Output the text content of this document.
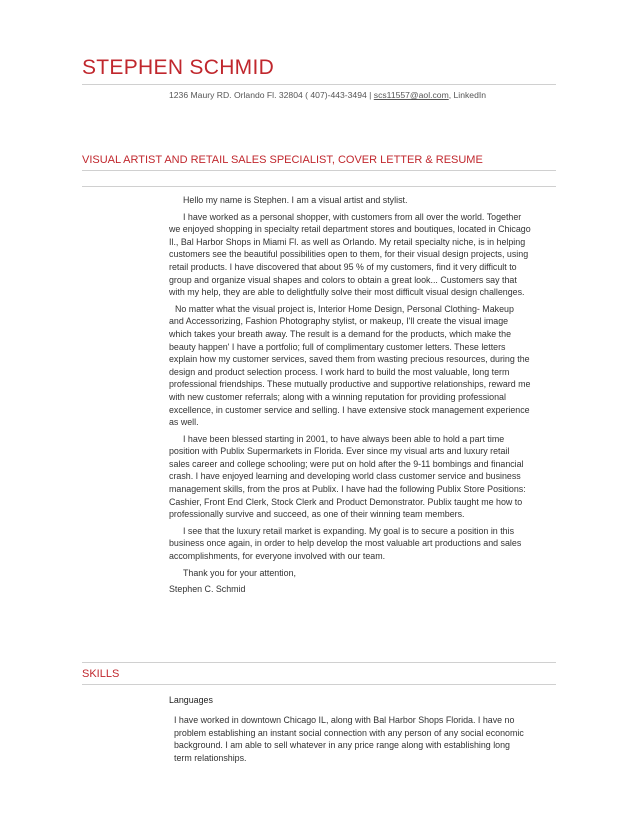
STEPHEN SCHMID
1236 Maury RD. Orlando Fl. 32804 ( 407)-443-3494 | scs11557@aol.com, LinkedIn
VISUAL ARTIST AND RETAIL SALES SPECIALIST, COVER LETTER & RESUME

Hello my name is Stephen. I am a visual artist and stylist.

I have worked as a personal shopper, with customers from all over the world. Together we enjoyed shopping in specialty retail department stores and boutiques, located in Chicago Il., Bal Harbor Shops in Miami Fl. as well as Orlando. My retail specialty niche, is in helping customers see the beautiful possibilities open to them, for their visual design projects, using retail products. I have discovered that about 95 % of my customers, find it very difficult to group and organize visual shapes and colors to obtain a great look... Customers say that with my help, they are able to delightfully solve their most difficult visual design challenges.

No matter what the visual project is, Interior Home Design, Personal Clothing- Makeup and Accessorizing, Fashion Photography stylist, or makeup, I'll create the visual image which takes your breath away. The result is a demand for the products, which make the beauty happen' I have a portfolio; full of complimentary customer letters. These letters explain how my customer services, saved them from wasting precious resources, during the design and product selection process. I work hard to build the most valuable, long term professional friendships. These mutually productive and supportive relationships, reward me with new customer referrals; along with a winning reputation for providing professional excellence, in customer service and selling. I have extensive stock management experience as well.

I have been blessed starting in 2001, to have always been able to hold a part time position with Publix Supermarkets in Florida. Ever since my visual arts and luxury retail sales career and college schooling; were put on hold after the 9-11 bombings and financial crash. I have enjoyed learning and developing world class customer service and business management skills, from the pros at Publix. I have had the following Publix Store Positions: Cashier, Front End Clerk, Stock Clerk and Product Demonstrator. Publix taught me how to professionally survive and succeed, as one of their winning team members.

I see that the luxury retail market is expanding. My goal is to secure a position in this business once again, in order to help develop the most valuable art productions and sales accomplishments, for everyone involved with our team.

Thank you for your attention,

Stephen C. Schmid

SKILLS
Languages

I have worked in downtown Chicago IL, along with Bal Harbor Shops Florida. I have no problem establishing an instant social connection with any person of any social economic background. I am able to sell whatever in any price range along with establishing long term relationships.
